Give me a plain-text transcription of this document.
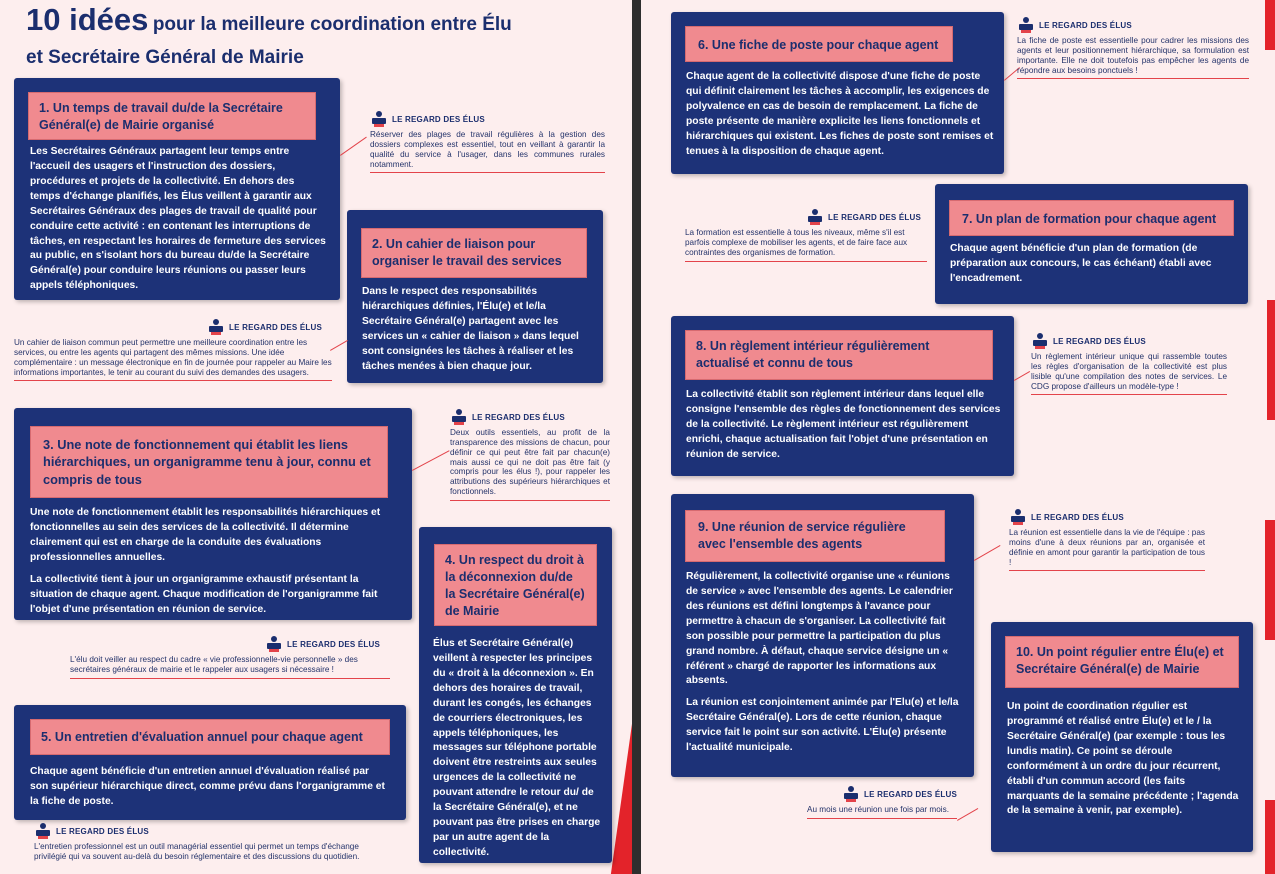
10 idées pour la meilleure coordination entre Élu
et Secrétaire Général de Mairie
1. Un temps de travail du/de la Secrétaire Général(e) de Mairie organisé

Les Secrétaires Généraux partagent leur temps entre l'accueil des usagers et l'instruction des dossiers, procédures et projets de la collectivité. En dehors des temps d'échange planifiés, les Élus veillent à garantir aux Secrétaires Généraux des plages de travail de qualité pour conduire cette activité : en contenant les interruptions de tâches, en respectant les horaires de fermeture des services au public, en s'isolant hors du bureau du/de la Secrétaire Général(e) pour conduire leurs réunions ou passer leurs appels téléphoniques.

LE REGARD DES ÉLUS
Réserver des plages de travail régulières à la gestion des dossiers complexes est essentiel, tout en veillant à garantir la qualité du service à l'usager, dans les communes rurales notamment.
2. Un cahier de liaison pour organiser le travail des services

Dans le respect des responsabilités hiérarchiques définies, l'Élu(e) et le/la Secrétaire Général(e) partagent avec les services un « cahier de liaison » dans lequel sont consignées les tâches à réaliser et les tâches menées à bien chaque jour.

LE REGARD DES ÉLUS
Un cahier de liaison commun peut permettre une meilleure coordination entre les services, ou entre les agents qui partagent des mêmes missions. Une idée complémentaire : un message électronique en fin de journée pour rappeler au Maire les informations importantes, le tenir au courant du suivi des demandes des usagers.
3. Une note de fonctionnement qui établit les liens hiérarchiques, un organigramme tenu à jour, connu et compris de tous

Une note de fonctionnement établit les responsabilités hiérarchiques et fonctionnelles au sein des services de la collectivité. Il détermine clairement qui est en charge de la conduite des évaluations professionnelles annuelles.

La collectivité tient à jour un organigramme exhaustif présentant la situation de chaque agent. Chaque modification de l'organigramme fait l'objet d'une présentation en réunion de service.

LE REGARD DES ÉLUS
Deux outils essentiels, au profit de la transparence des missions de chacun, pour définir ce qui peut être fait par chacun(e) mais aussi ce qui ne doit pas être fait (y compris pour les élus !), pour rappeler les attributions des supérieurs hiérarchiques et fonctionnels.
4. Un respect du droit à la déconnexion du/de la Secrétaire Général(e) de Mairie

Élus et Secrétaire Général(e) veillent à respecter les principes du « droit à la déconnexion ». En dehors des horaires de travail, durant les congés, les échanges de courriers électroniques, les appels téléphoniques, les messages sur téléphone portable doivent être restreints aux seules urgences de la collectivité ne pouvant attendre le retour du/ de la Secrétaire Général(e), et ne pouvant pas être prises en charge par un autre agent de la collectivité.

LE REGARD DES ÉLUS
L'élu doit veiller au respect du cadre « vie professionnelle-vie personnelle » des secrétaires généraux de mairie et le rappeler aux usagers si nécessaire !
5. Un entretien d'évaluation annuel pour chaque agent

Chaque agent bénéficie d'un entretien annuel d'évaluation réalisé par son supérieur hiérarchique direct, comme prévu dans l'organigramme et la fiche de poste.

LE REGARD DES ÉLUS
L'entretien professionnel est un outil managérial essentiel qui permet un temps d'échange privilégié qui va souvent au-delà du besoin réglementaire et des discussions du quotidien.
6. Une fiche de poste pour chaque agent

Chaque agent de la collectivité dispose d'une fiche de poste qui définit clairement les tâches à accomplir, les exigences de polyvalence en cas de besoin de remplacement. La fiche de poste présente de manière explicite les liens fonctionnels et hiérarchiques qui existent. Les fiches de poste sont remises et tenues à la disposition de chaque agent.

LE REGARD DES ÉLUS
La fiche de poste est essentielle pour cadrer les missions des agents et leur positionnement hiérarchique, sa formulation est importante. Elle ne doit toutefois pas empêcher les agents de répondre aux besoins ponctuels !
7. Un plan de formation pour chaque agent

Chaque agent bénéficie d'un plan de formation (de préparation aux concours, le cas échéant) établi avec l'encadrement.

LE REGARD DES ÉLUS
La formation est essentielle à tous les niveaux, même s'il est parfois complexe de mobiliser les agents, et de faire face aux contraintes des organismes de formation.
8. Un règlement intérieur régulièrement actualisé et connu de tous

La collectivité établit son règlement intérieur dans lequel elle consigne l'ensemble des règles de fonctionnement des services de la collectivité. Le règlement intérieur est régulièrement enrichi, chaque actualisation fait l'objet d'une présentation en réunion de service.

LE REGARD DES ÉLUS
Un règlement intérieur unique qui rassemble toutes les règles d'organisation de la collectivité est plus lisible qu'une compilation des notes de services. Le CDG propose d'ailleurs un modèle-type !
9. Une réunion de service régulière avec l'ensemble des agents

Régulièrement, la collectivité organise une « réunions de service » avec l'ensemble des agents. Le calendrier des réunions est défini longtemps à l'avance pour permettre à chacun de s'organiser. La collectivité fait son possible pour permettre la participation du plus grand nombre. À défaut, chaque service désigne un « référent » chargé de rapporter les informations aux absents.

La réunion est conjointement animée par l'Elu(e) et le/la Secrétaire Général(e). Lors de cette réunion, chaque service fait le point sur son activité. L'Élu(e) présente l'actualité municipale.

LE REGARD DES ÉLUS
La réunion est essentielle dans la vie de l'équipe : pas moins d'une à deux réunions par an, organisée et définie en amont pour garantir la participation de tous !
LE REGARD DES ÉLUS
Au mois une réunion une fois par mois.
10. Un point régulier entre Élu(e) et Secrétaire Général(e) de Mairie

Un point de coordination régulier est programmé et réalisé entre Élu(e) et le / la Secrétaire Général(e) (par exemple : tous les lundis matin). Ce point se déroule conformément à un ordre du jour récurrent, établi d'un commun accord (les faits marquants de la semaine précédente ; l'agenda de la semaine à venir, par exemple).
